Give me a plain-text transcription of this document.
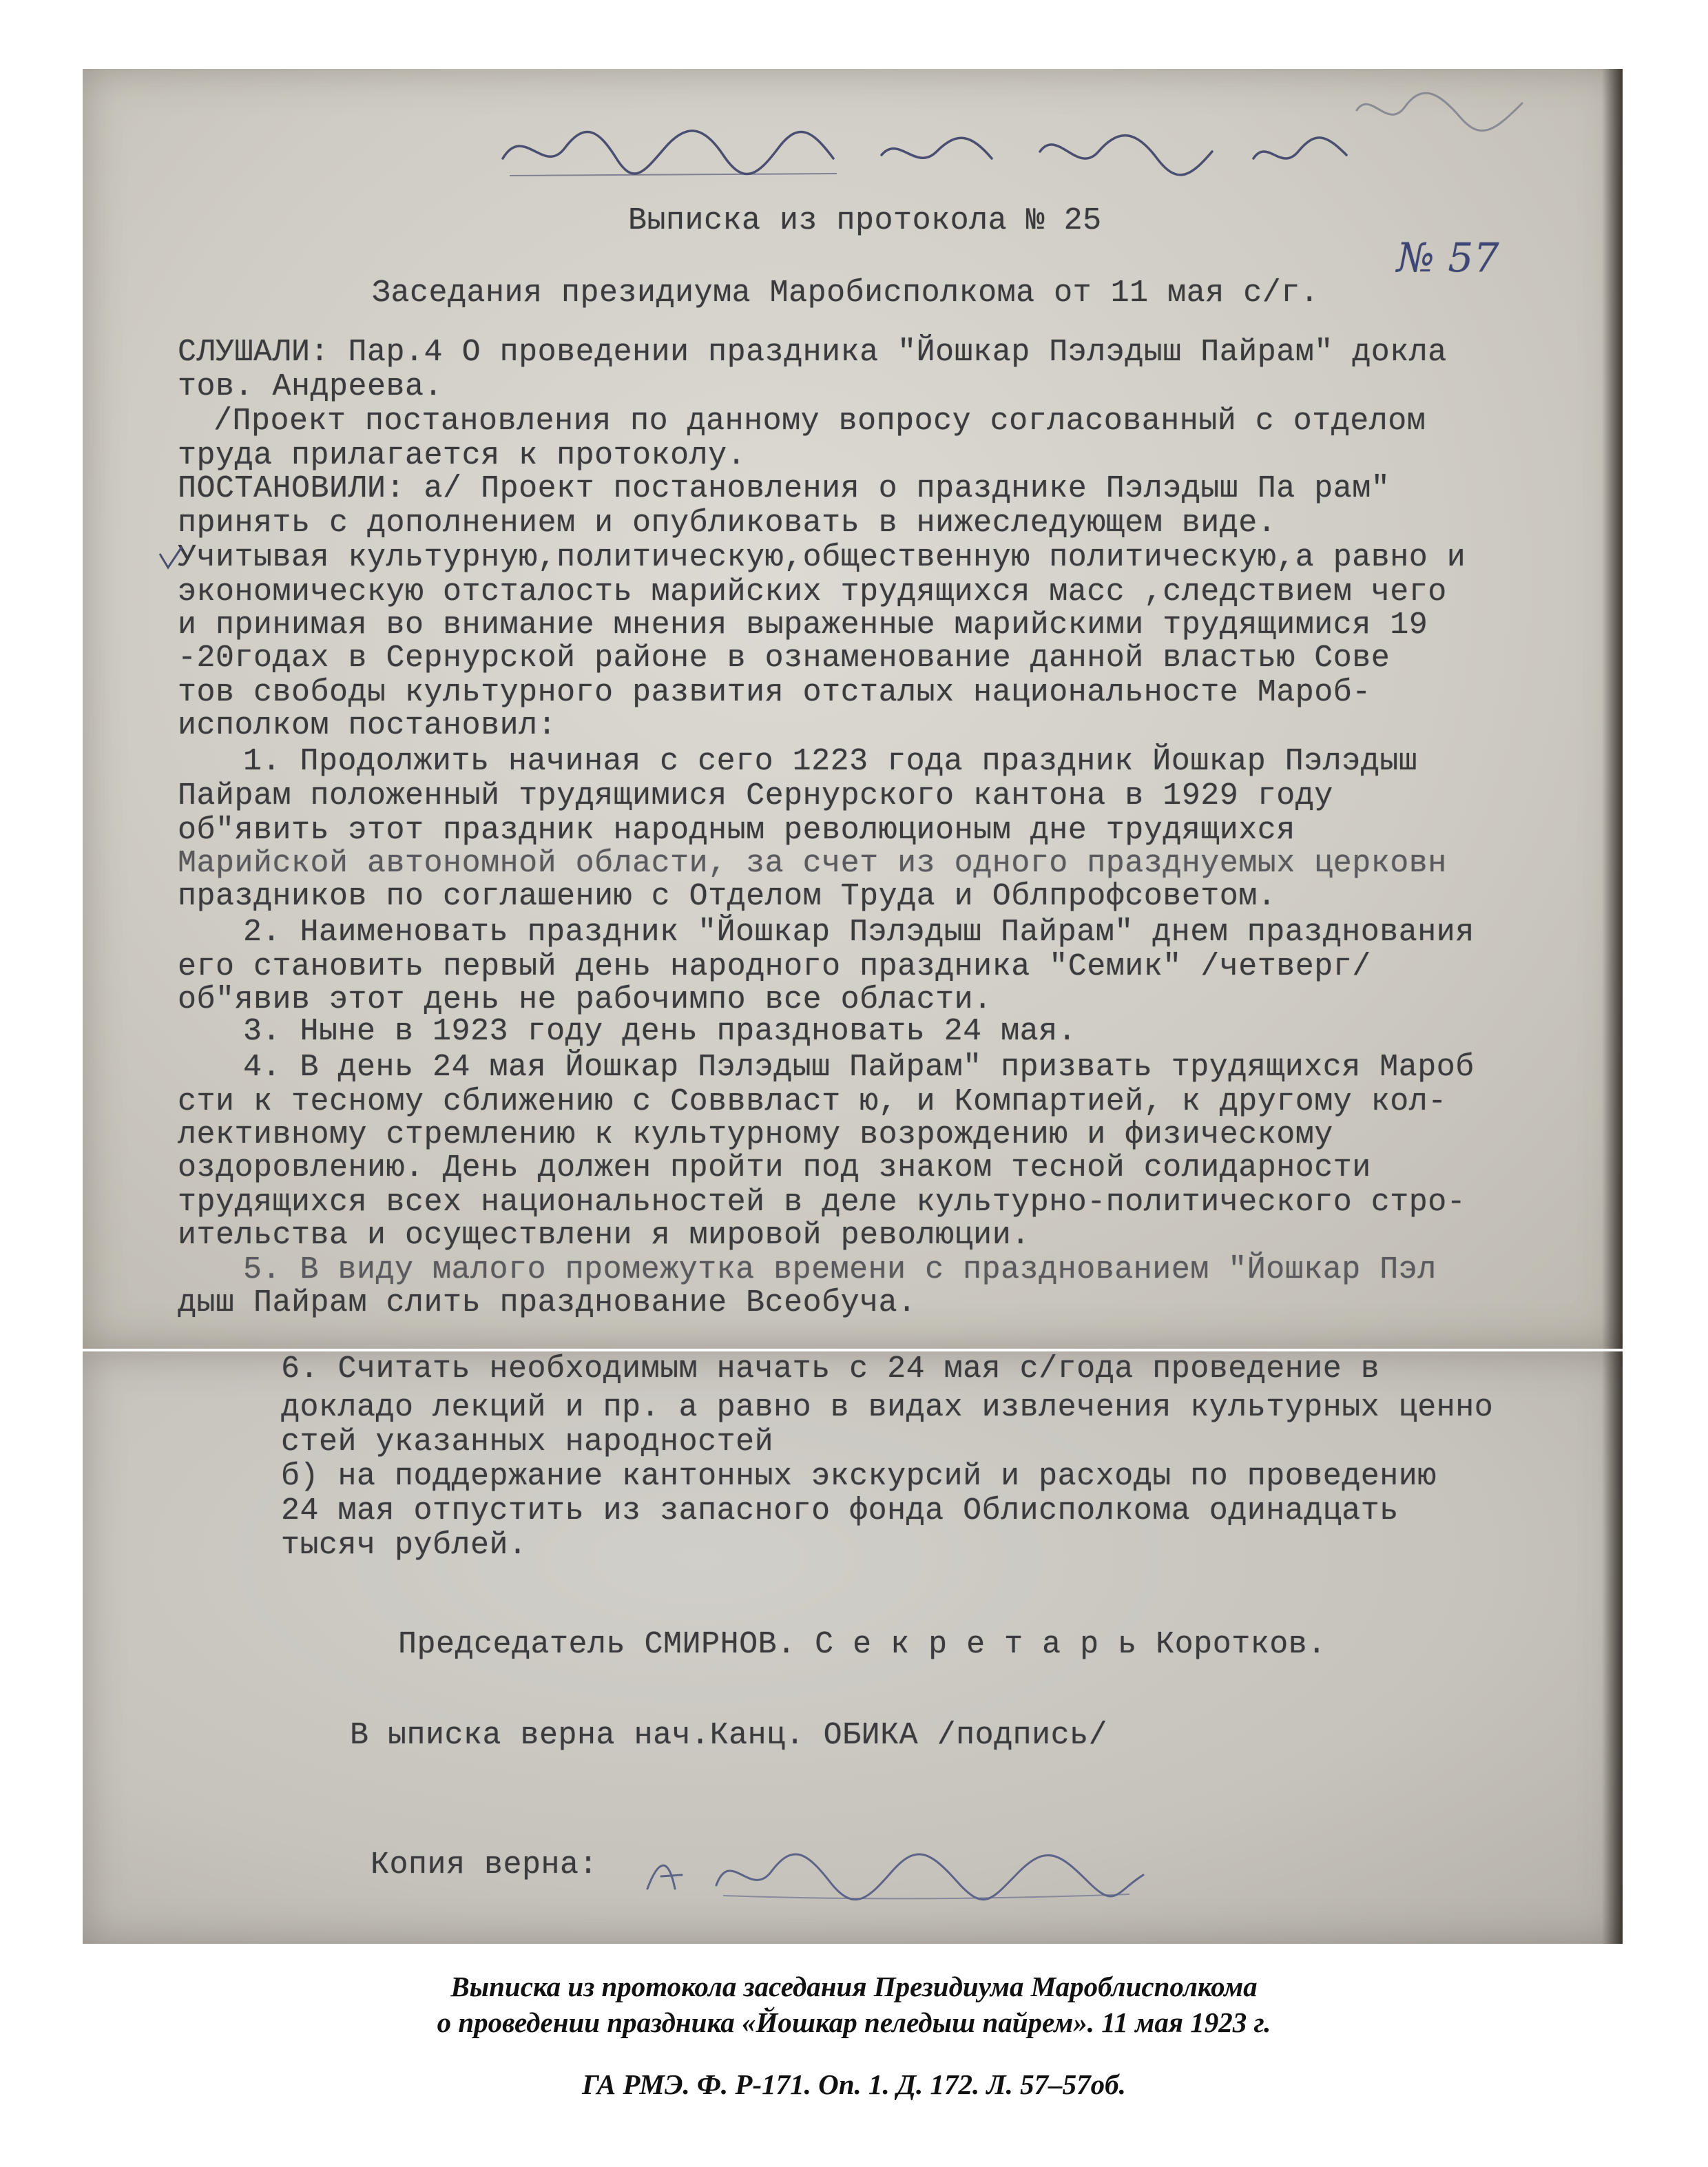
Выписка из протокола № 25
Заседания президиума Маробисполкома от 11 мая с/г.
СЛУШАЛИ: Пар.4 О проведении праздника "Йошкар Пэлэдыш Пайрам" докла
тов. Андреева.
/Проект постановления по данному вопросу согласованный с отделом
труда прилагается к протоколу.
ПОСТАНОВИЛИ: а/ Проект постановления о празднике Пэлэдыш Па рам"
принять с дополнением и опубликовать в нижеследующем виде.
Учитывая культурную,политическую,общественную политическую,а равно и
экономическую отсталость марийских трудящихся масс ,следствием чего
и принимая во внимание мнения выраженные марийскими трудящимися 19
-20годах в Сернурской районе в ознаменование данной властью Сове
тов свободы культурного развития отсталых национальносте Мароб-
исполком постановил:
1. Продолжить начиная с сего 1223 года праздник Йошкар Пэлэдыш
Пайрам положенный трудящимися Сернурского кантона в 1929 году
об"явить этот праздник народным революционым дне трудящихся
Марийской автономной области, за счет из одного празднуемых церковн
праздников по соглашению с Отделом Труда и Облпрофсоветом.
2. Наименовать праздник "Йошкар Пэлэдыш Пайрам" днем празднования
его становить первый день народного праздника "Семик" /четверг/
об"явив этот день не рабочимпо все области.
3. Ныне в 1923 году день праздновать 24 мая.
4. В день 24 мая Йошкар Пэлэдыш Пайрам" призвать трудящихся Мароб
сти к тесному сближению с Совввласт ю, и Компартией, к другому кол-
лективному стремлению к культурному возрождению и физическому
оздоровлению. День должен пройти под знаком тесной солидарности
трудящихся всех национальностей в деле культурно-политического стро-
ительства и осуществлени я мировой революции.
5. В виду малого промежутка времени с празднованием "Йошкар Пэл
дыш Пайрам слить празднование Всеобуча.
№ 57
6. Считать необходимым начать с 24 мая с/года проведение в
докладо лекций и пр. а равно в видах извлечения культурных ценно
стей указанных народностей
б) на поддержание кантонных экскурсий и расходы по проведению
24 мая отпустить из запасного фонда Облисполкома одинадцать
тысяч рублей.
Председатель СМИРНОВ. С е к р е т а р ь Коротков.
В ыписка верна нач.Канц. ОБИКА /подпись/
Копия верна:
Выписка из протокола заседания Президиума Мароблисполкома
о проведении праздника «Йошкар пеледыш пайрем». 11 мая 1923 г.
ГА РМЭ. Ф. Р-171. Оп. 1. Д. 172. Л. 57–57об.
